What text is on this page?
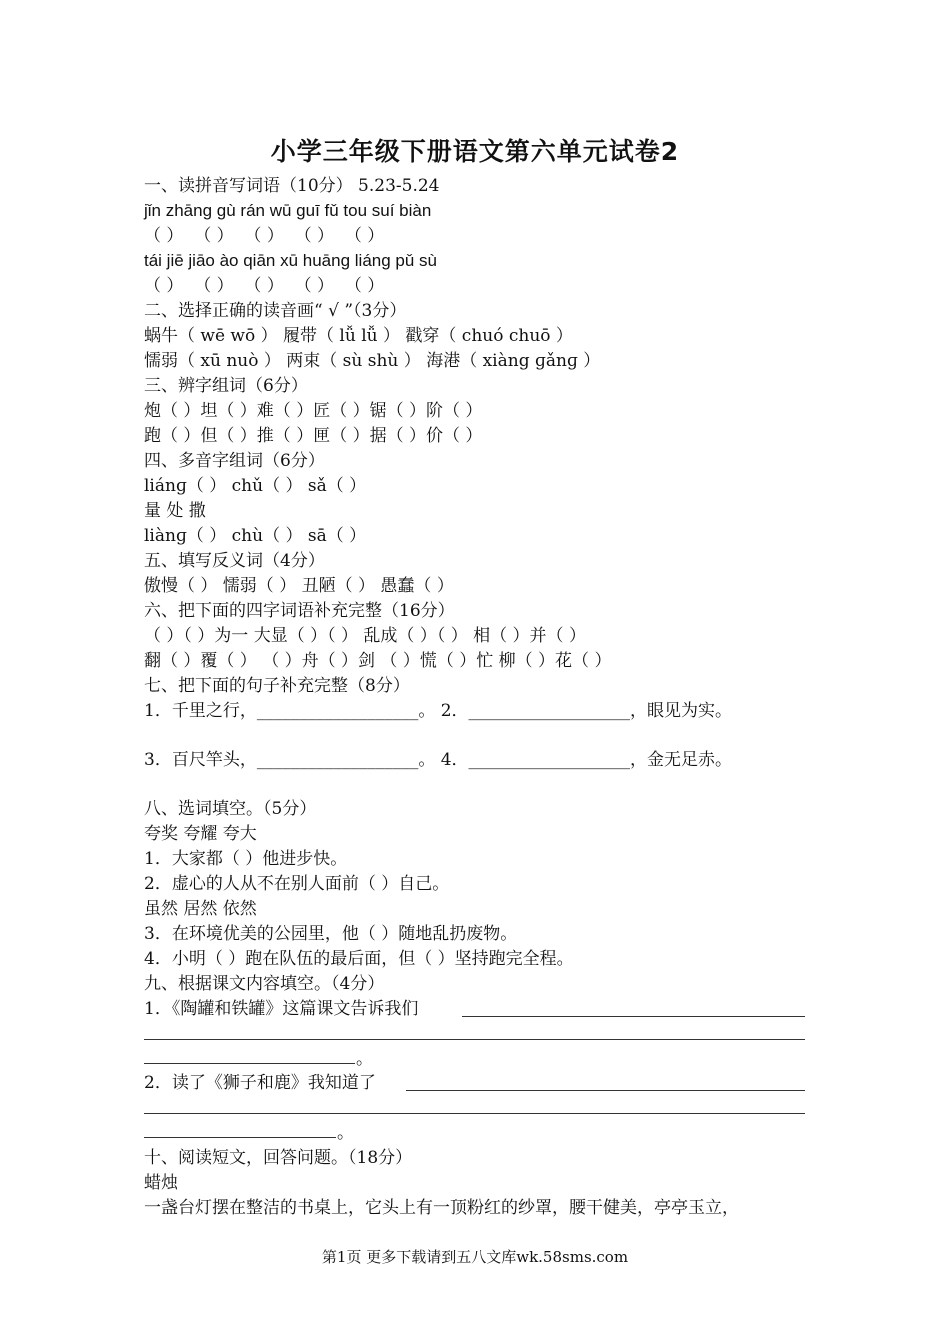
小学三年级下册语文第六单元试卷2
一、读拼音写词语（10分） 5.23-5.24
jǐn zhānɡ ɡù rán wū ɡuī fǔ tou suí biàn
（ ）  （ ）  （ ）  （ ）  （ ）
tái jiē jiāo ào qiān xū huānɡ liánɡ pǔ sù
（ ）  （ ）  （ ）  （ ）  （ ）
二、选择正确的读音画“ √ ”（3分）
蜗牛（ wē wō ） 履带（ lǚ lǚ ） 戳穿（ chuó chuō ）
懦弱（ xū nuò ） 两束（ sù shù ） 海港（ xiàng ɡǎnɡ ）
三、辨字组词（6分）
炮（ ）坦（ ）难（ ）匠（ ）锯（ ）阶（ ）
跑（ ）但（ ）推（ ）匣（ ）据（ ）价（ ）
四、多音字组词（6分）
liánɡ（ ） chǔ（ ） sǎ（ ）
量 处 撒
liànɡ（ ） chù（ ） sā（ ）
五、填写反义词（4分）
傲慢（ ） 懦弱（ ） 丑陋（ ） 愚蠢（ ）
六、把下面的四字词语补充完整（16分）
（ ）（ ）为一 大显（ ）（ ） 乱成（ ）（ ） 相（ ）并（ ）
翻（ ）覆（ ） （ ）舟（ ）剑 （ ）慌（ ）忙 柳（ ）花（ ）
七、把下面的句子补充完整（8分）
1．千里之行，___________________。 2．___________________，眼见为实。
3．百尺竿头，___________________。 4．___________________，金无足赤。
八、选词填空。（5分）
夸奖 夸耀 夸大
1．大家都（ ）他进步快。
2．虚心的人从不在别人面前（ ）自己。
虽然 居然 依然
3．在环境优美的公园里，他（ ）随地乱扔废物。
4．小明（ ）跑在队伍的最后面，但（ ）坚持跑完全程。
九、根据课文内容填空。（4分）
1．《陶罐和铁罐》这篇课文告诉我们
。
2．读了《狮子和鹿》我知道了
。
十、阅读短文，回答问题。（18分）
蜡烛
一盏台灯摆在整洁的书桌上，它头上有一顶粉红的纱罩，腰干健美，亭亭玉立，
第1页 更多下载请到五八文库wk.58sms.com
